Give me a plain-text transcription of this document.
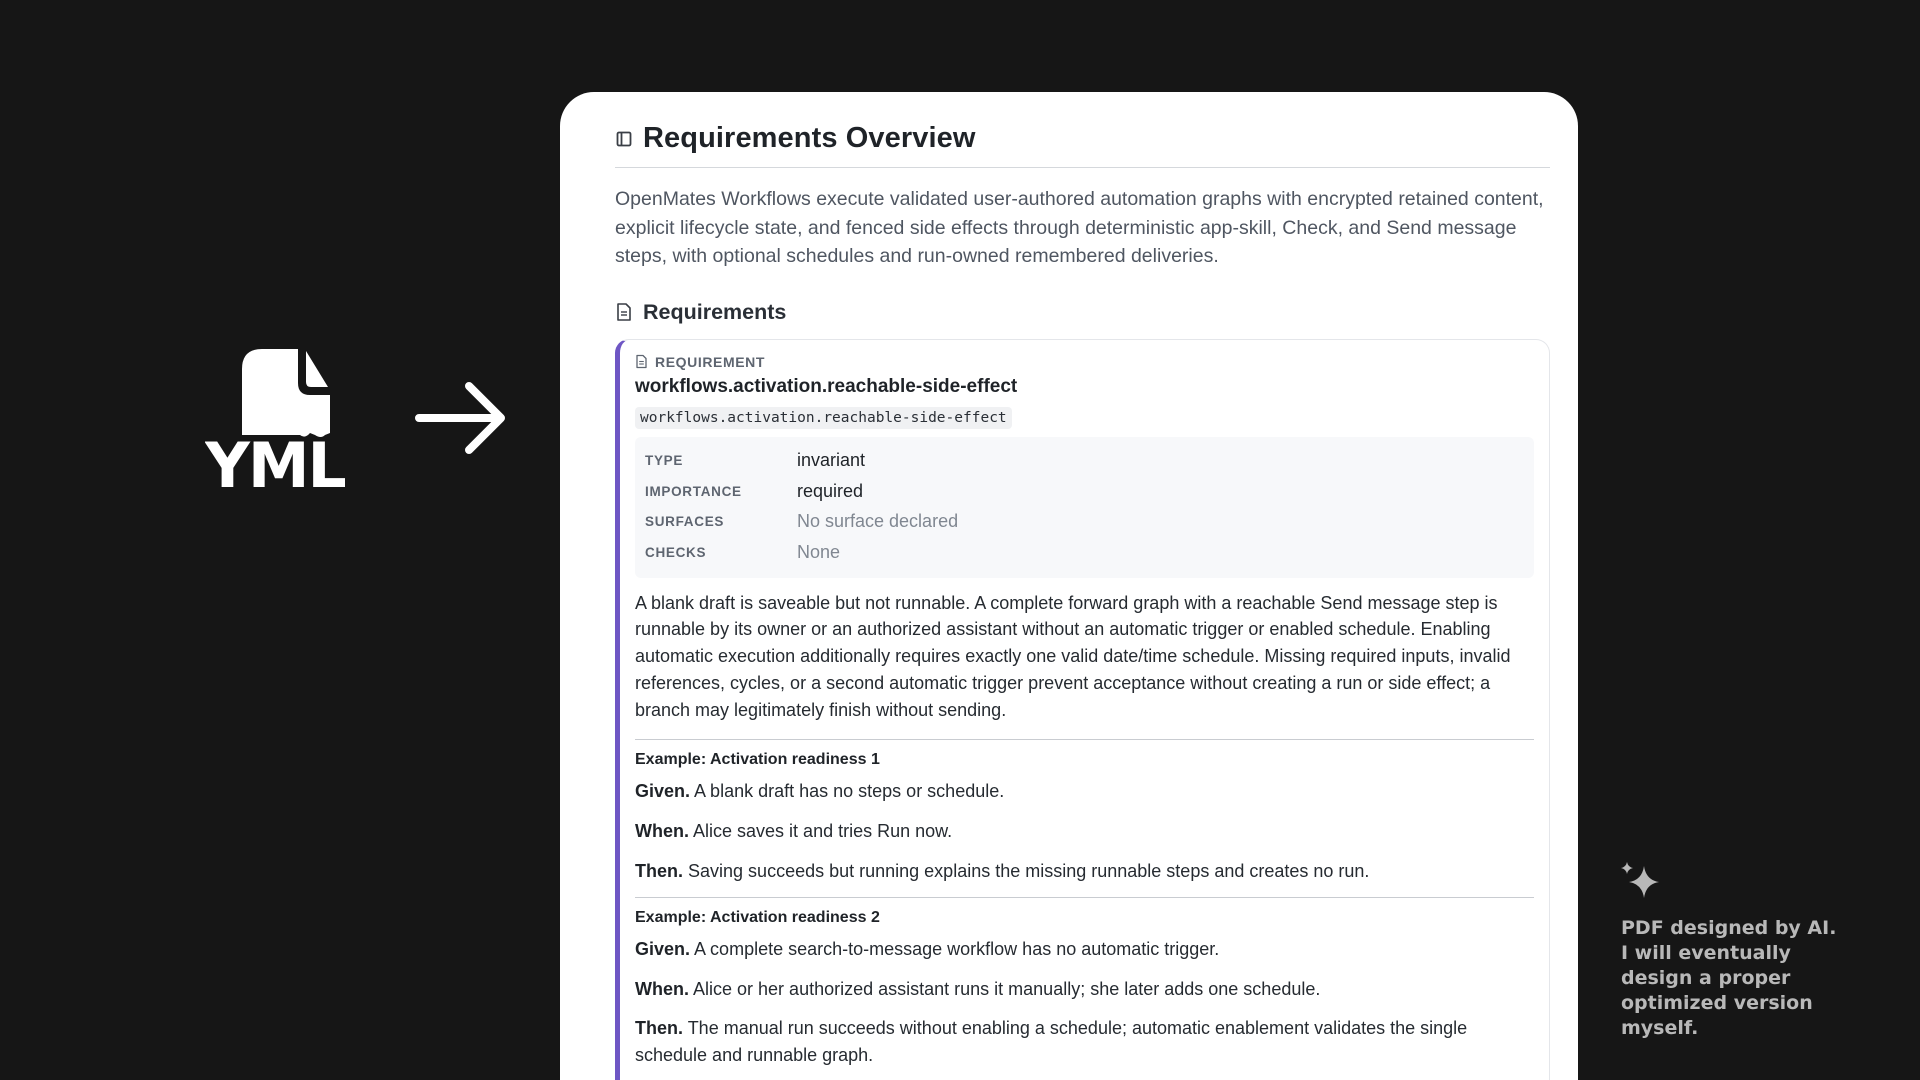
YML
Requirements Overview

OpenMates Workflows execute validated user-authored automation graphs with encrypted retained content, explicit lifecycle state, and fenced side effects through deterministic app-skill, Check, and Send message steps, with optional schedules and run-owned remembered deliveries.

Requirements
REQUIREMENT
workflows.activation.reachable-side-effect
workflows.activation.reachable-side-effect
TYPE	invariant
IMPORTANCE	required
SURFACES	No surface declared
CHECKS	None

A blank draft is saveable but not runnable. A complete forward graph with a reachable Send message step is runnable by its owner or an authorized assistant without an automatic trigger or enabled schedule. Enabling automatic execution additionally requires exactly one valid date/time schedule. Missing required inputs, invalid references, cycles, or a second automatic trigger prevent acceptance without creating a run or side effect; a branch may legitimately finish without sending.

Example: Activation readiness 1

Given. A blank draft has no steps or schedule.

When. Alice saves it and tries Run now.

Then. Saving succeeds but running explains the missing runnable steps and creates no run.

Example: Activation readiness 2

Given. A complete search-to-message workflow has no automatic trigger.

When. Alice or her authorized assistant runs it manually; she later adds one schedule.

Then. The manual run succeeds without enabling a schedule; automatic enablement validates the single schedule and runnable graph.

PDF designed by AI.
I will eventually
design a proper
optimized version
myself.
